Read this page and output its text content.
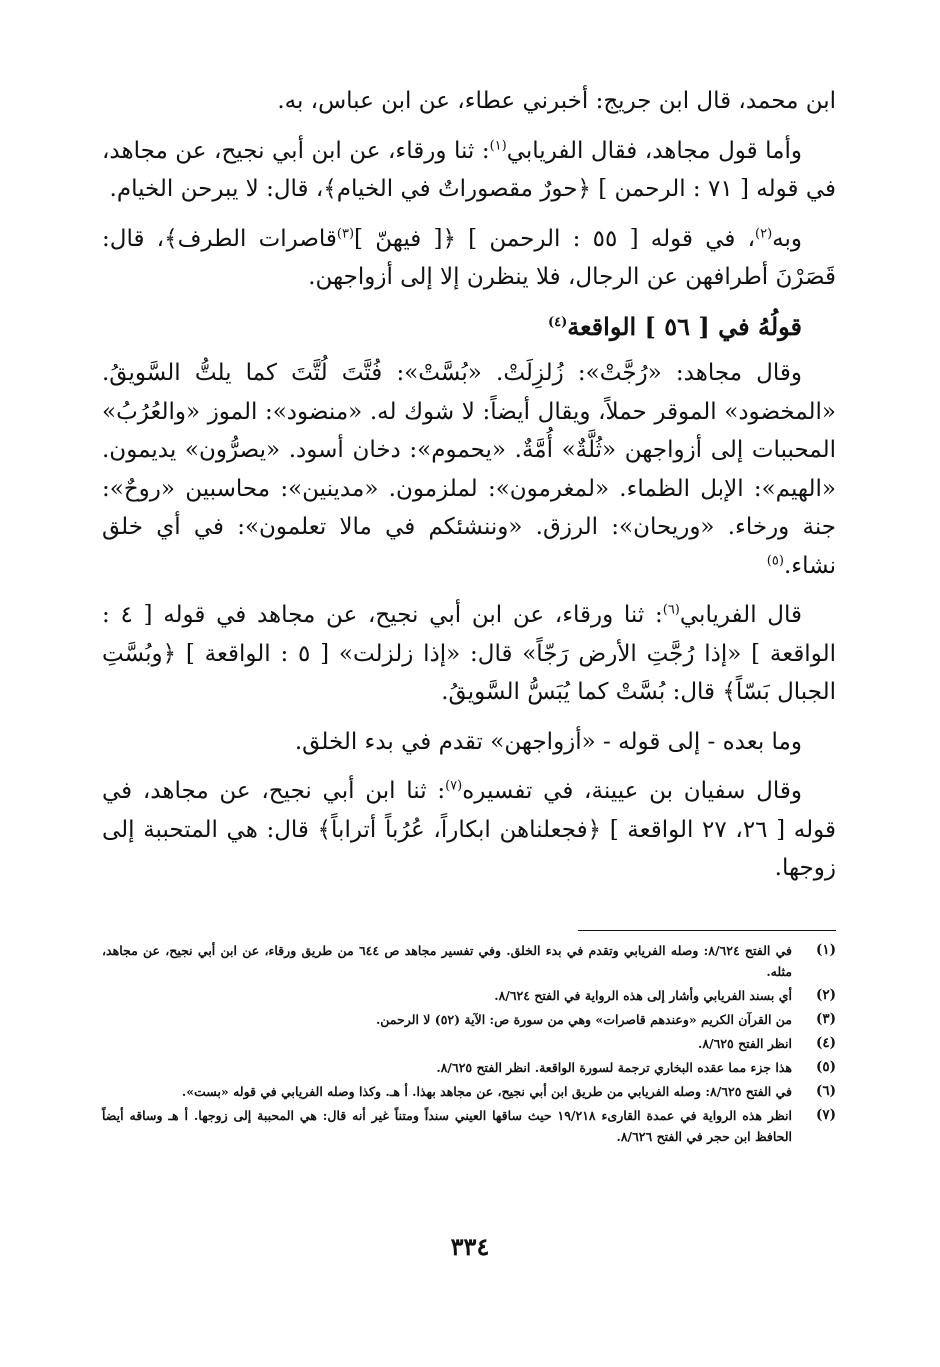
ابن محمد، قال ابن جريج: أخبرني عطاء، عن ابن عباس، به.

وأما قول مجاهد، فقال الفريابي$^{(١)}$: ثنا ورقاء، عن ابن أبي نجيح، عن مجاهد، في قوله [ ٧١ : الرحمن ] ﴿حورٌ مقصوراتٌ في الخيام﴾، قال: لا يبرحن الخيام.

وبه$^{(٢)}$، في قوله [ ٥٥ : الرحمن ] ﴿[ فيهنّ ]$^{(٣)}$قاصرات الطرف﴾، قال: قَصَرْنَ أطرافهن عن الرجال، فلا ينظرن إلا إلى أزواجهن.

قولُهُ في [ ٥٦ ] الواقعة$^{(٤)}$

وقال مجاهد: «رُجَّتْ»: زُلزِلَتْ. «بُسَّتْ»: فُتَّتَ لُتَّتَ كما يلتُّ السَّويقُ. «المخضود» الموقر حملاً، ويقال أيضاً: لا شوك له. «منضود»: الموز «والعُرُبُ» المحببات إلى أزواجهن «ثُلَّةٌ» أُمَّةٌ. «يحموم»: دخان أسود. «يصرُّون» يديمون. «الهيم»: الإبل الظماء. «لمغرمون»: لملزمون. «مدينين»: محاسبين «روحٌ»: جنة ورخاء. «وريحان»: الرزق. «وننشئكم في مالا تعلمون»: في أي خلق نشاء.$^{(٥)}$

قال الفريابي$^{(٦)}$: ثنا ورقاء، عن ابن أبي نجيح، عن مجاهد في قوله [ ٤ : الواقعة ] «إذا رُجَّتِ الأرض رَجّاً» قال: «إذا زلزلت» [ ٥ : الواقعة ] ﴿وبُسَّتِ الجبال بَسّاً﴾ قال: بُسَّتْ كما يُبَسُّ السَّويقُ.

وما بعده - إلى قوله - «أزواجهن» تقدم في بدء الخلق.

وقال سفيان بن عيينة، في تفسيره$^{(٧)}$: ثنا ابن أبي نجيح، عن مجاهد، في قوله [ ٢٦، ٢٧ الواقعة ] ﴿فجعلناهن ابكاراً، عُرُباً أتراباً﴾ قال: هي المتحببة إلى زوجها.

(١)
في الفتح ٨/٦٢٤: وصله الفريابي وتقدم في بدء الخلق. وفي تفسير مجاهد ص ٦٤٤ من طريق ورقاء، عن ابن أبي نجيح، عن مجاهد، مثله.
(٢)
أي بسند الفريابي وأشار إلى هذه الرواية في الفتح ٨/٦٢٤.
(٣)
من القرآن الكريم «وعندهم قاصرات» وهي من سورة ص: الآية (٥٢) لا الرحمن.
(٤)
انظر الفتح ٨/٦٢٥.
(٥)
هذا جزء مما عقده البخاري ترجمة لسورة الواقعة. انظر الفتح ٨/٦٢٥.
(٦)
في الفتح ٨/٦٢٥: وصله الفريابي من طريق ابن أبي نجيح، عن مجاهد بهذا. أ هـ. وكذا وصله الفريابي في قوله «بست».
(٧)
انظر هذه الرواية في عمدة القارىء ١٩/٢١٨ حيث ساقها العيني سنداً ومتناً غير أنه قال: هي المحببة إلى زوجها. أ هـ وساقه أيضاً الحافظ ابن حجر في الفتح ٨/٦٢٦.
٣٣٤
